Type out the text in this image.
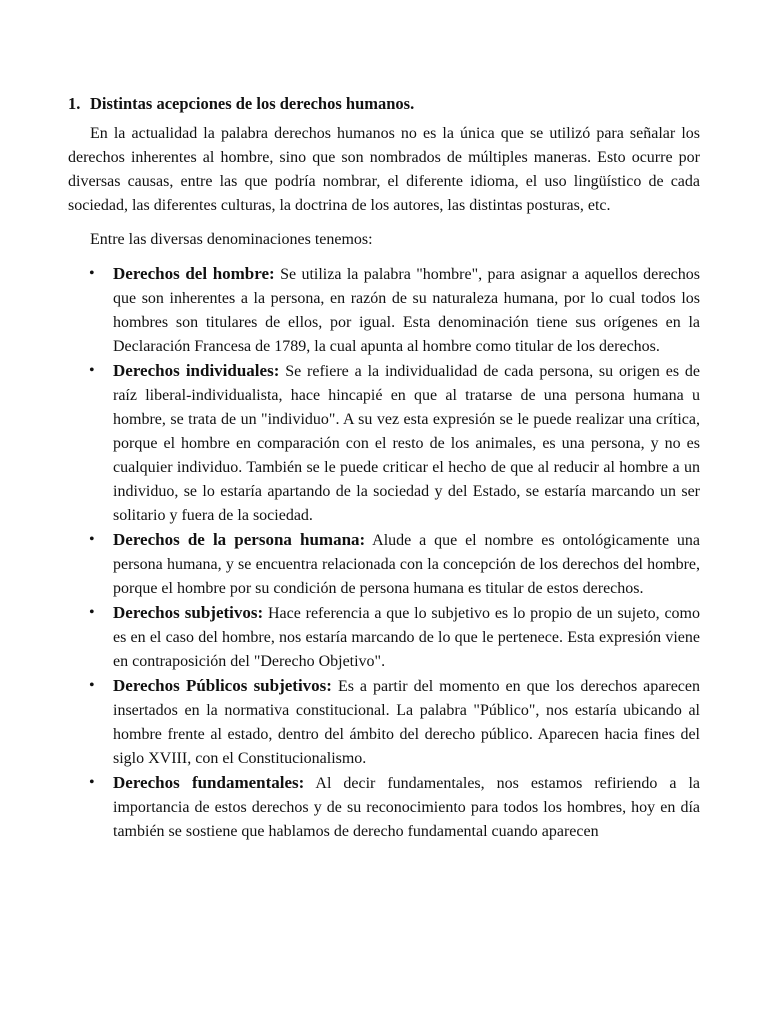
1. Distintas acepciones de los derechos humanos.

En la actualidad la palabra derechos humanos no es la única que se utilizó para señalar los derechos inherentes al hombre, sino que son nombrados de múltiples maneras. Esto ocurre por diversas causas, entre las que podría nombrar, el diferente idioma, el uso lingüístico de cada sociedad, las diferentes culturas, la doctrina de los autores, las distintas posturas, etc.

Entre las diversas denominaciones tenemos:

• Derechos del hombre: Se utiliza la palabra "hombre", para asignar a aquellos derechos que son inherentes a la persona, en razón de su naturaleza humana, por lo cual todos los hombres son titulares de ellos, por igual. Esta denominación tiene sus orígenes en la Declaración Francesa de 1789, la cual apunta al hombre como titular de los derechos.
• Derechos individuales: Se refiere a la individualidad de cada persona, su origen es de raíz liberal-individualista, hace hincapié en que al tratarse de una persona humana u hombre, se trata de un "individuo". A su vez esta expresión se le puede realizar una crítica, porque el hombre en comparación con el resto de los animales, es una persona, y no es cualquier individuo. También se le puede criticar el hecho de que al reducir al hombre a un individuo, se lo estaría apartando de la sociedad y del Estado, se estaría marcando un ser solitario y fuera de la sociedad.
• Derechos de la persona humana: Alude a que el nombre es ontológicamente una persona humana, y se encuentra relacionada con la concepción de los derechos del hombre, porque el hombre por su condición de persona humana es titular de estos derechos.
• Derechos subjetivos: Hace referencia a que lo subjetivo es lo propio de un sujeto, como es en el caso del hombre, nos estaría marcando de lo que le pertenece. Esta expresión viene en contraposición del "Derecho Objetivo".
• Derechos Públicos subjetivos: Es a partir del momento en que los derechos aparecen insertados en la normativa constitucional. La palabra "Público", nos estaría ubicando al hombre frente al estado, dentro del ámbito del derecho público. Aparecen hacia fines del siglo XVIII, con el Constitucionalismo.
• Derechos fundamentales: Al decir fundamentales, nos estamos refiriendo a la importancia de estos derechos y de su reconocimiento para todos los hombres, hoy en día también se sostiene que hablamos de derecho fundamental cuando aparecen
